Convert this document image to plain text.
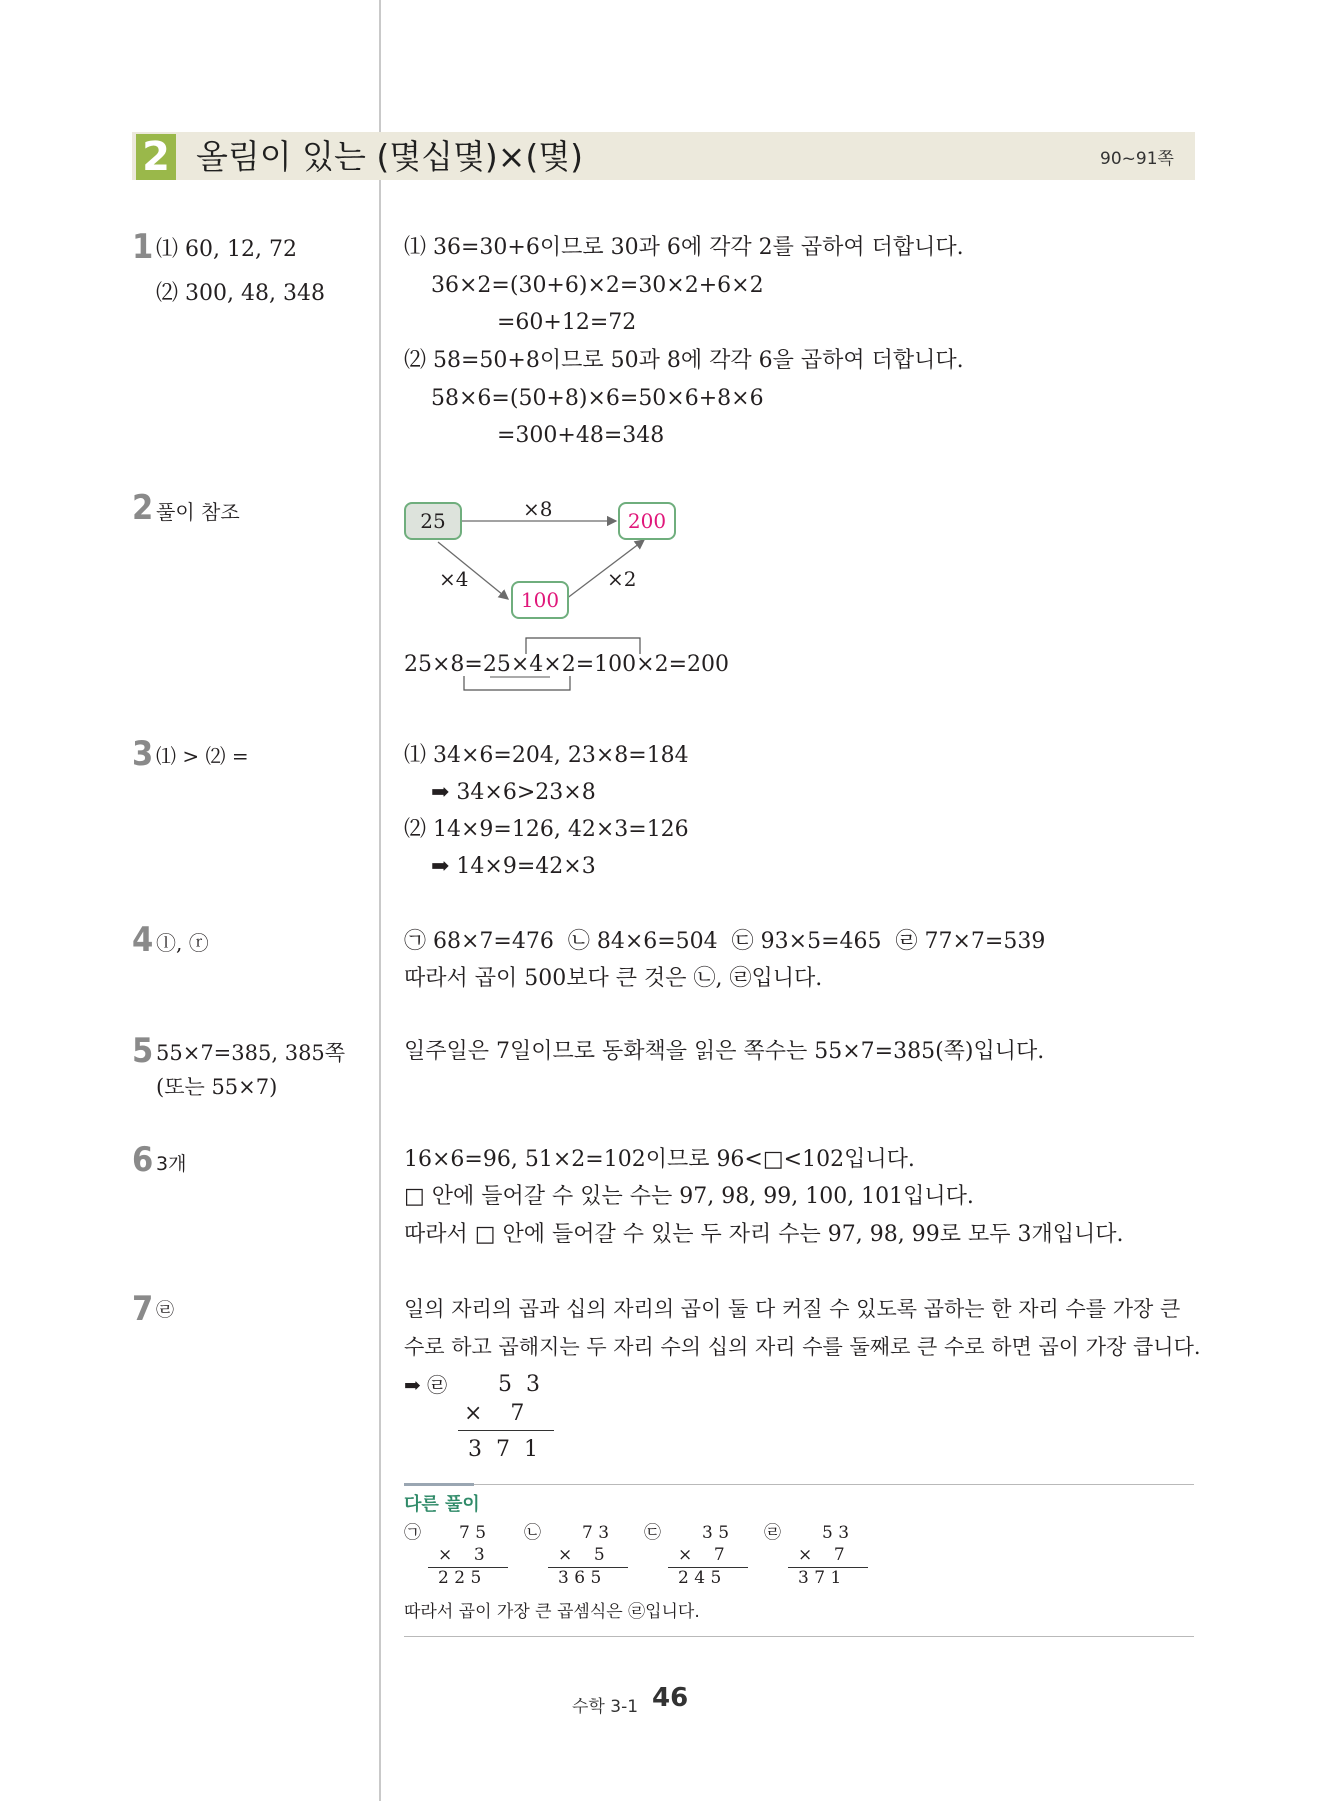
2 올림이 있는 (몇십몇)×(몇)	90~91쪽
1 ⑴ 60, 12, 72
⑵ 300, 48, 348
⑴ 36=30+6이므로 30과 6에 각각 2를 곱하여 더합니다.
36×2=(30+6)×2=30×2+6×2
=60+12=72
⑵ 58=50+8이므로 50과 8에 각각 6을 곱하여 더합니다.
58×6=(50+8)×6=50×6+8×6
=300+48=348
2 풀이 참조	25	200
100
×8
×4	×2
25×8=25×4×2=100×2=200
3 ⑴ > ⑵ =	⑴ 34×6=204, 23×8=184
➡ 34×6>23×8
⑵ 14×9=126, 42×3=126
➡ 14×9=42×3
4 ⓛ, ⓡ	㉠ 68×7=476  ㉡ 84×6=504  ㉢ 93×5=465  ㉣ 77×7=539
따라서 곱이 500보다 큰 것은 ㉡, ㉣입니다.
5 55×7=385, 385쪽
(또는 55×7)
일주일은 7일이므로 동화책을 읽은 쪽수는 55×7=385(쪽)입니다.
6 3개	16×6=96, 51×2=102이므로 96<□<102입니다.
□ 안에 들어갈 수 있는 수는 97, 98, 99, 100, 101입니다.
따라서 □ 안에 들어갈 수 있는 두 자리 수는 97, 98, 99로 모두 3개입니다.
7 ㉣	일의 자리의 곱과 십의 자리의 곱이 둘 다 커질 수 있도록 곱하는 한 자리 수를 가장 큰
수로 하고 곱해지는 두 자리 수의 십의 자리 수를 둘째로 큰 수로 하면 곱이 가장 큽니다.
➡ ㉣ 5  3
×    7
3  7  1
다른 풀이
㉠ 7 5
×    3
2 2 5
㉡ 7 3
×    5
3 6 5
㉢ 3 5
×    7
2 4 5
㉣ 5 3
×    7
3 7 1
따라서 곱이 가장 큰 곱셈식은 ㉣입니다.
수학 3-1 46
